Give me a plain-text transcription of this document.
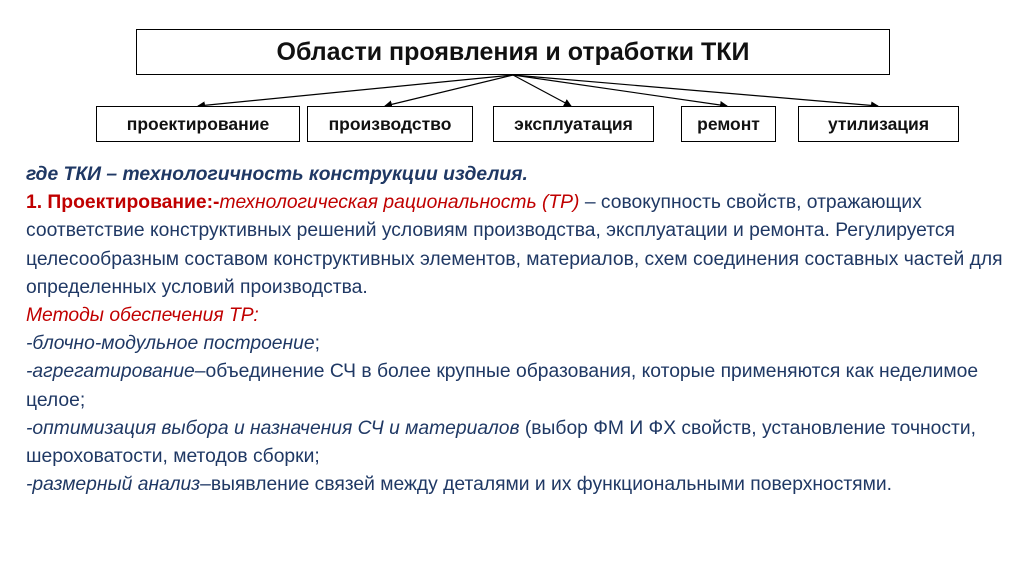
Области проявления и отработки ТКИ
проектирование	производство	эксплуатация	ремонт	утилизация

где ТКИ – технологичность конструкции изделия.

1. Проектирование:-технологическая рациональность (ТР) – совокупность свойств, отражающих соответствие конструктивных решений условиям производства, эксплуатации и ремонта. Регулируется целесообразным составом конструктивных элементов, материалов, схем соединения составных частей для определенных условий производства.

Методы обеспечения ТР:

-блочно-модульное построение;

-агрегатирование–объединение СЧ в более крупные образования, которые применяются как неделимое целое;

-оптимизация выбора и назначения СЧ и материалов (выбор ФМ И ФХ свойств, установление точности, шероховатости, методов сборки;

-размерный анализ–выявление связей между деталями и их функциональными поверхностями.
